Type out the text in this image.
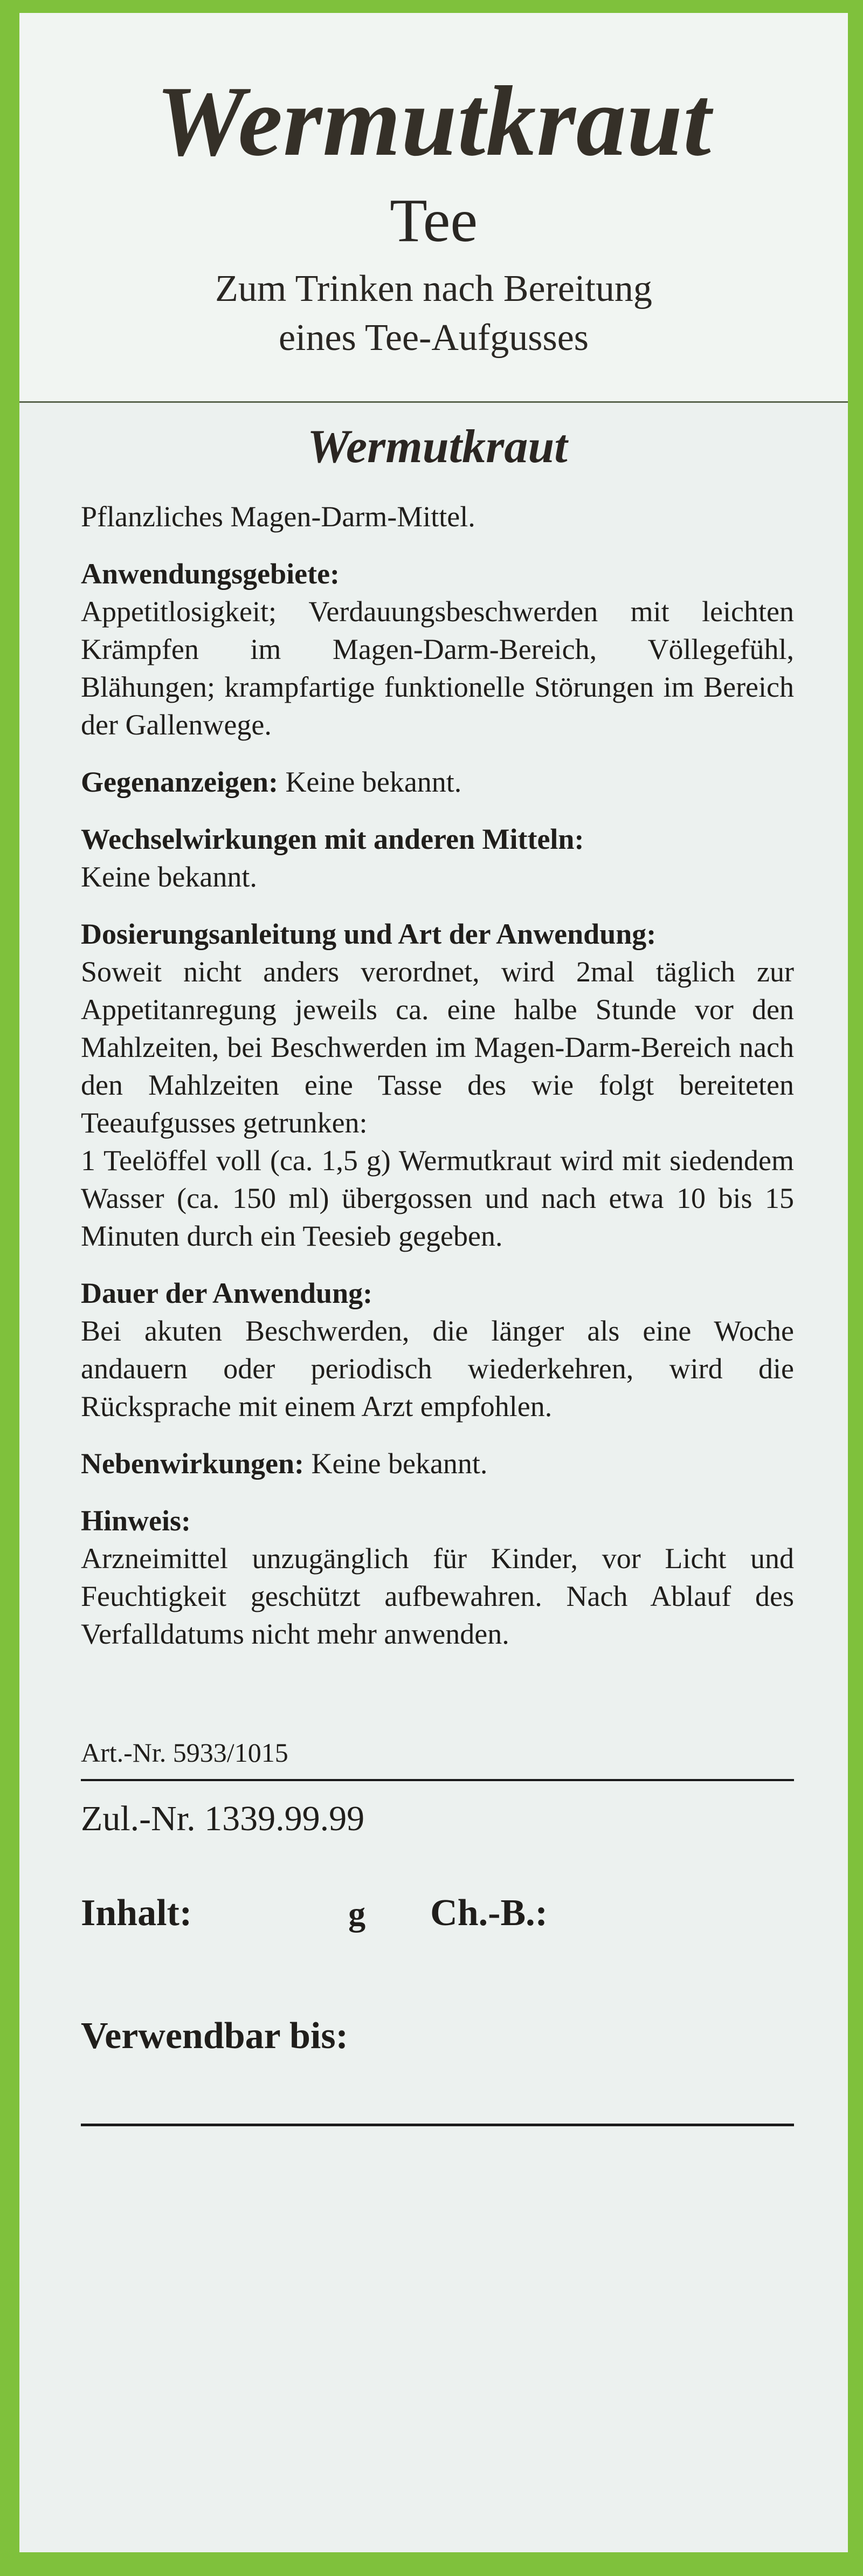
Wermutkraut
Tee
Zum Trinken nach Bereitung
eines Tee-Aufgusses
Wermutkraut

Pflanzliches Magen-Darm-Mittel.

Anwendungsgebiete:

Appetitlosigkeit; Verdauungsbeschwerden mit leichten Krämpfen im Magen-Darm-Bereich, Völlegefühl, Blähungen; krampfartige funktionelle Störungen im Bereich der Gallenwege.

Gegenanzeigen: Keine bekannt.

Wechselwirkungen mit anderen Mitteln:

Keine bekannt.

Dosierungsanleitung und Art der Anwendung:

Soweit nicht anders verordnet, wird 2mal täglich zur Appetitanregung jeweils ca. eine halbe Stunde vor den Mahlzeiten, bei Beschwerden im Magen-Darm-Bereich nach den Mahlzeiten eine Tasse des wie folgt bereiteten Teeaufgusses getrunken:

1 Teelöffel voll (ca. 1,5 g) Wermutkraut wird mit siedendem Wasser (ca. 150 ml) übergossen und nach etwa 10 bis 15 Minuten durch ein Teesieb gegeben.

Dauer der Anwendung:

Bei akuten Beschwerden, die länger als eine Woche andauern oder periodisch wiederkehren, wird die Rücksprache mit einem Arzt empfohlen.

Nebenwirkungen: Keine bekannt.

Hinweis:

Arzneimittel unzugänglich für Kinder, vor Licht und Feuchtigkeit geschützt aufbewahren. Nach Ablauf des Verfalldatums nicht mehr anwenden.

Art.-Nr. 5933/1015
Zul.-Nr. 1339.99.99
Inhalt:	g Ch.-B.:
Verwendbar bis:
